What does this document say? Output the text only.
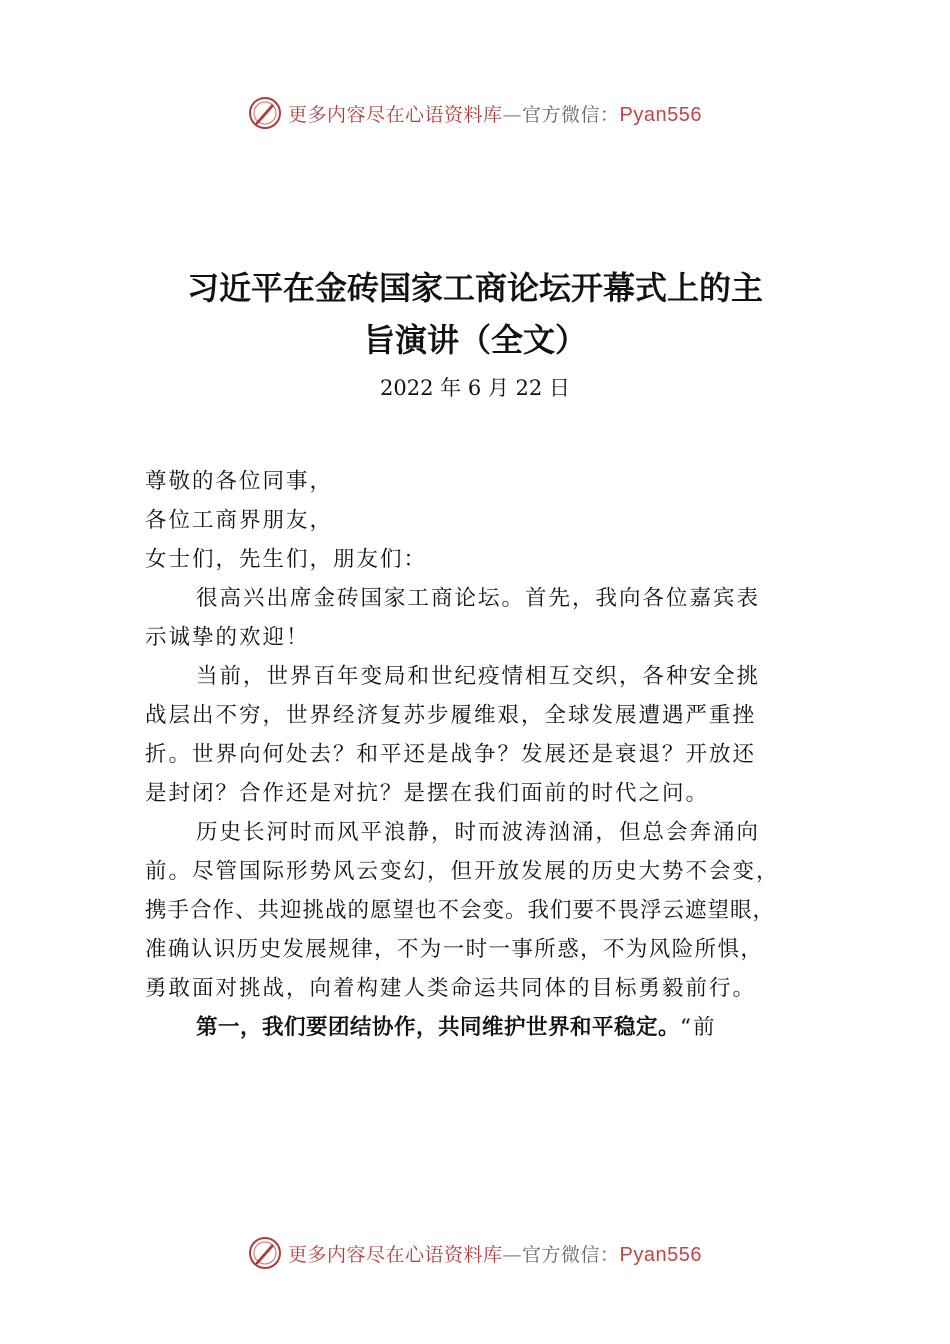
更多内容尽在心语资料库—官方微信：Pyan556
习近平在金砖国家工商论坛开幕式上的主
旨演讲（全文）
2022 年 6 月 22 日
尊敬的各位同事，
各位工商界朋友，
女士们，先生们，朋友们：
很高兴出席金砖国家工商论坛。首先，我向各位嘉宾表
示诚挚的欢迎！
当前，世界百年变局和世纪疫情相互交织，各种安全挑
战层出不穷，世界经济复苏步履维艰，全球发展遭遇严重挫
折。世界向何处去？和平还是战争？发展还是衰退？开放还
是封闭？合作还是对抗？是摆在我们面前的时代之问。
历史长河时而风平浪静，时而波涛汹涌，但总会奔涌向
前。尽管国际形势风云变幻，但开放发展的历史大势不会变，
携手合作、共迎挑战的愿望也不会变。我们要不畏浮云遮望眼，
准确认识历史发展规律，不为一时一事所惑，不为风险所惧，
勇敢面对挑战，向着构建人类命运共同体的目标勇毅前行。
第一，我们要团结协作，共同维护世界和平稳定。“前
更多内容尽在心语资料库—官方微信：Pyan556
